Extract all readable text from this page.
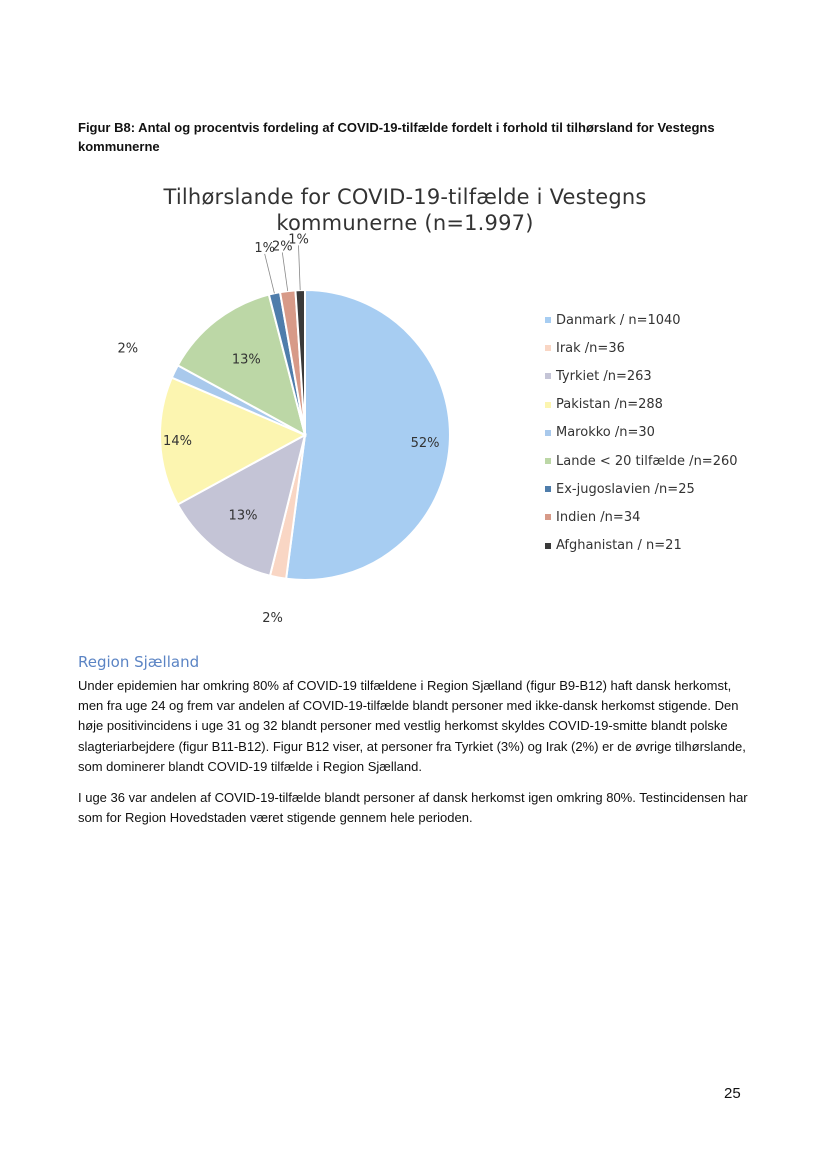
Figur B8: Antal og procentvis fordeling af COVID-19-tilfælde fordelt i forhold til tilhørsland for Vestegns kommunerne
Tilhørslande for COVID-19-tilfælde i Vestegns
kommunerne (n=1.997)
52%
2%
13%
14%
2%
13%
1%
2%
1%
Danmark / n=1040
Irak /n=36
Tyrkiet /n=263
Pakistan /n=288
Marokko /n=30
Lande < 20 tilfælde /n=260
Ex-jugoslavien /n=25
Indien /n=34
Afghanistan / n=21
Region Sjælland
Under epidemien har omkring 80% af COVID-19 tilfældene i Region Sjælland (figur B9-B12) haft dansk herkomst, men fra uge 24 og frem var andelen af COVID-19-tilfælde blandt personer med ikke-dansk herkomst stigende. Den høje positivincidens i uge 31 og 32 blandt personer med vestlig herkomst skyldes COVID-19-smitte blandt polske slagteriarbejdere (figur B11-B12). Figur B12 viser, at personer fra Tyrkiet (3%) og Irak (2%) er de øvrige tilhørslande, som dominerer blandt COVID-19 tilfælde i Region Sjælland.
I uge 36 var andelen af COVID-19-tilfælde blandt personer af dansk herkomst igen omkring 80%. Testincidensen har som for Region Hovedstaden været stigende gennem hele perioden.
25
